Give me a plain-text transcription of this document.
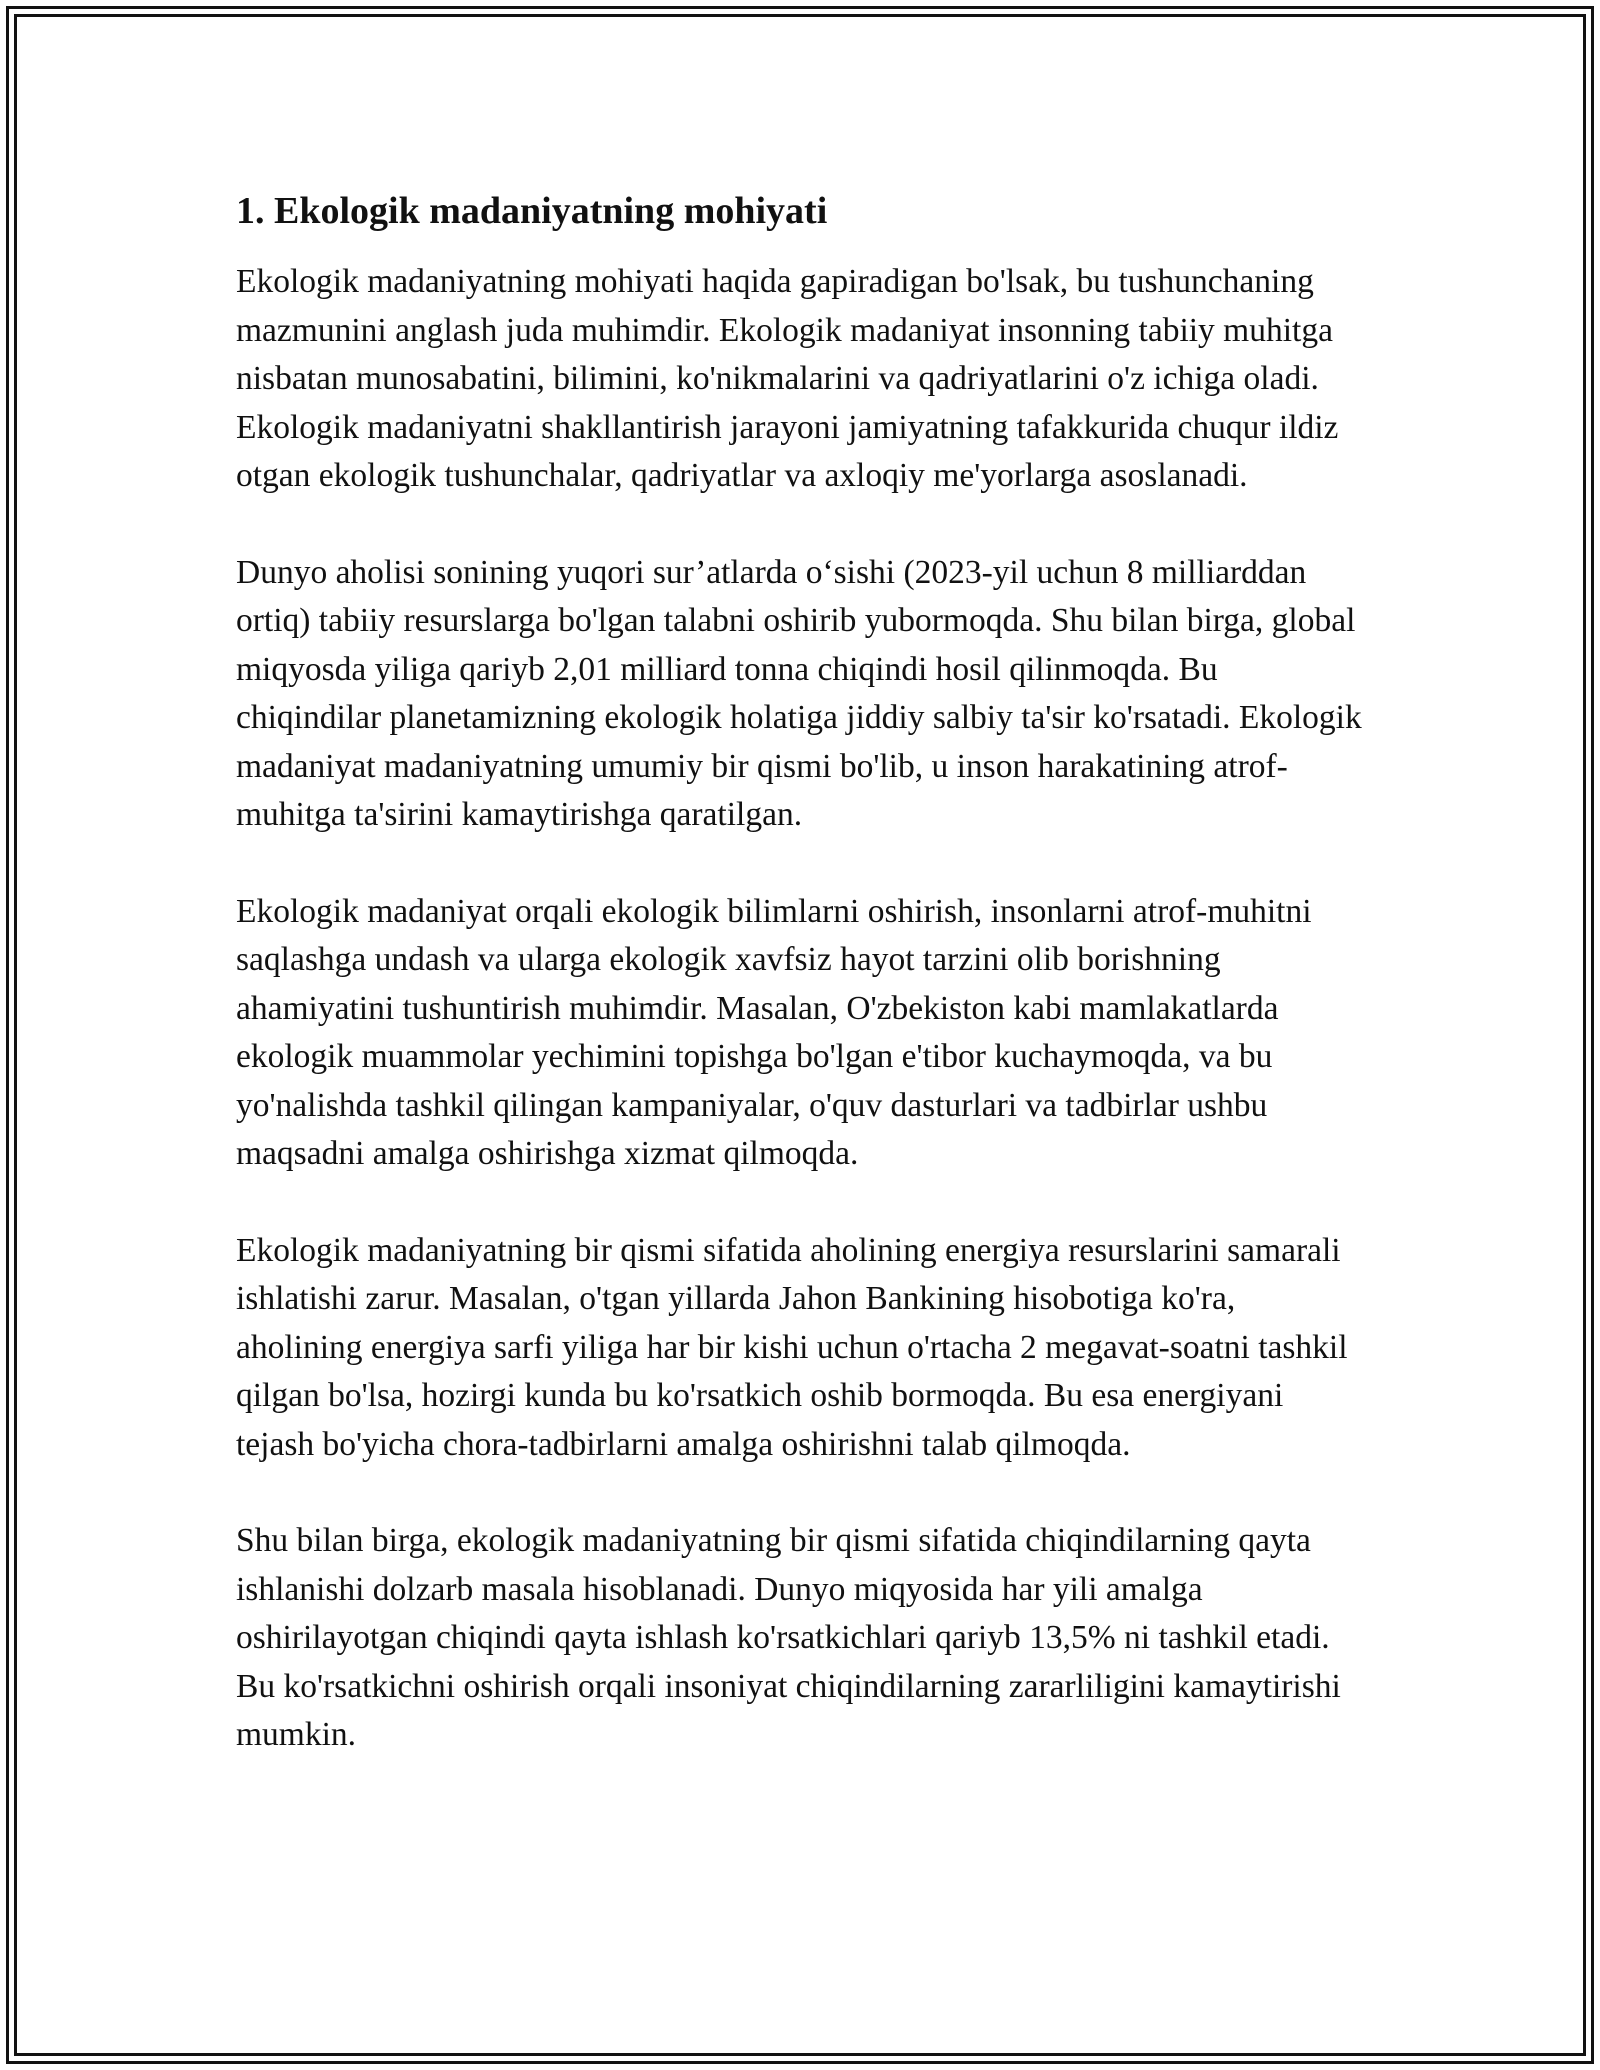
1. Ekologik madaniyatning mohiyati

Ekologik madaniyatning mohiyati haqida gapiradigan bo'lsak, bu tushunchaning mazmunini anglash juda muhimdir. Ekologik madaniyat insonning tabiiy muhitga nisbatan munosabatini, bilimini, ko'nikmalarini va qadriyatlarini o'z ichiga oladi. Ekologik madaniyatni shakllantirish jarayoni jamiyatning tafakkurida chuqur ildiz otgan ekologik tushunchalar, qadriyatlar va axloqiy me'yorlarga asoslanadi.

Dunyo aholisi sonining yuqori sur’atlarda o‘sishi (2023-yil uchun 8 milliarddan ortiq) tabiiy resurslarga bo'lgan talabni oshirib yubormoqda. Shu bilan birga, global miqyosda yiliga qariyb 2,01 milliard tonna chiqindi hosil qilinmoqda. Bu chiqindilar planetamizning ekologik holatiga jiddiy salbiy ta'sir ko'rsatadi. Ekologik madaniyat madaniyatning umumiy bir qismi bo'lib, u inson harakatining atrof-muhitga ta'sirini kamaytirishga qaratilgan.

Ekologik madaniyat orqali ekologik bilimlarni oshirish, insonlarni atrof-muhitni saqlashga undash va ularga ekologik xavfsiz hayot tarzini olib borishning ahamiyatini tushuntirish muhimdir. Masalan, O'zbekiston kabi mamlakatlarda ekologik muammolar yechimini topishga bo'lgan e'tibor kuchaymoqda, va bu yo'nalishda tashkil qilingan kampaniyalar, o'quv dasturlari va tadbirlar ushbu maqsadni amalga oshirishga xizmat qilmoqda.

Ekologik madaniyatning bir qismi sifatida aholining energiya resurslarini samarali ishlatishi zarur. Masalan, o'tgan yillarda Jahon Bankining hisobotiga ko'ra, aholining energiya sarfi yiliga har bir kishi uchun o'rtacha 2 megavat-soatni tashkil qilgan bo'lsa, hozirgi kunda bu ko'rsatkich oshib bormoqda. Bu esa energiyani tejash bo'yicha chora-tadbirlarni amalga oshirishni talab qilmoqda.

Shu bilan birga, ekologik madaniyatning bir qismi sifatida chiqindilarning qayta ishlanishi dolzarb masala hisoblanadi. Dunyo miqyosida har yili amalga oshirilayotgan chiqindi qayta ishlash ko'rsatkichlari qariyb 13,5% ni tashkil etadi. Bu ko'rsatkichni oshirish orqali insoniyat chiqindilarning zararliligini kamaytirishi mumkin.
